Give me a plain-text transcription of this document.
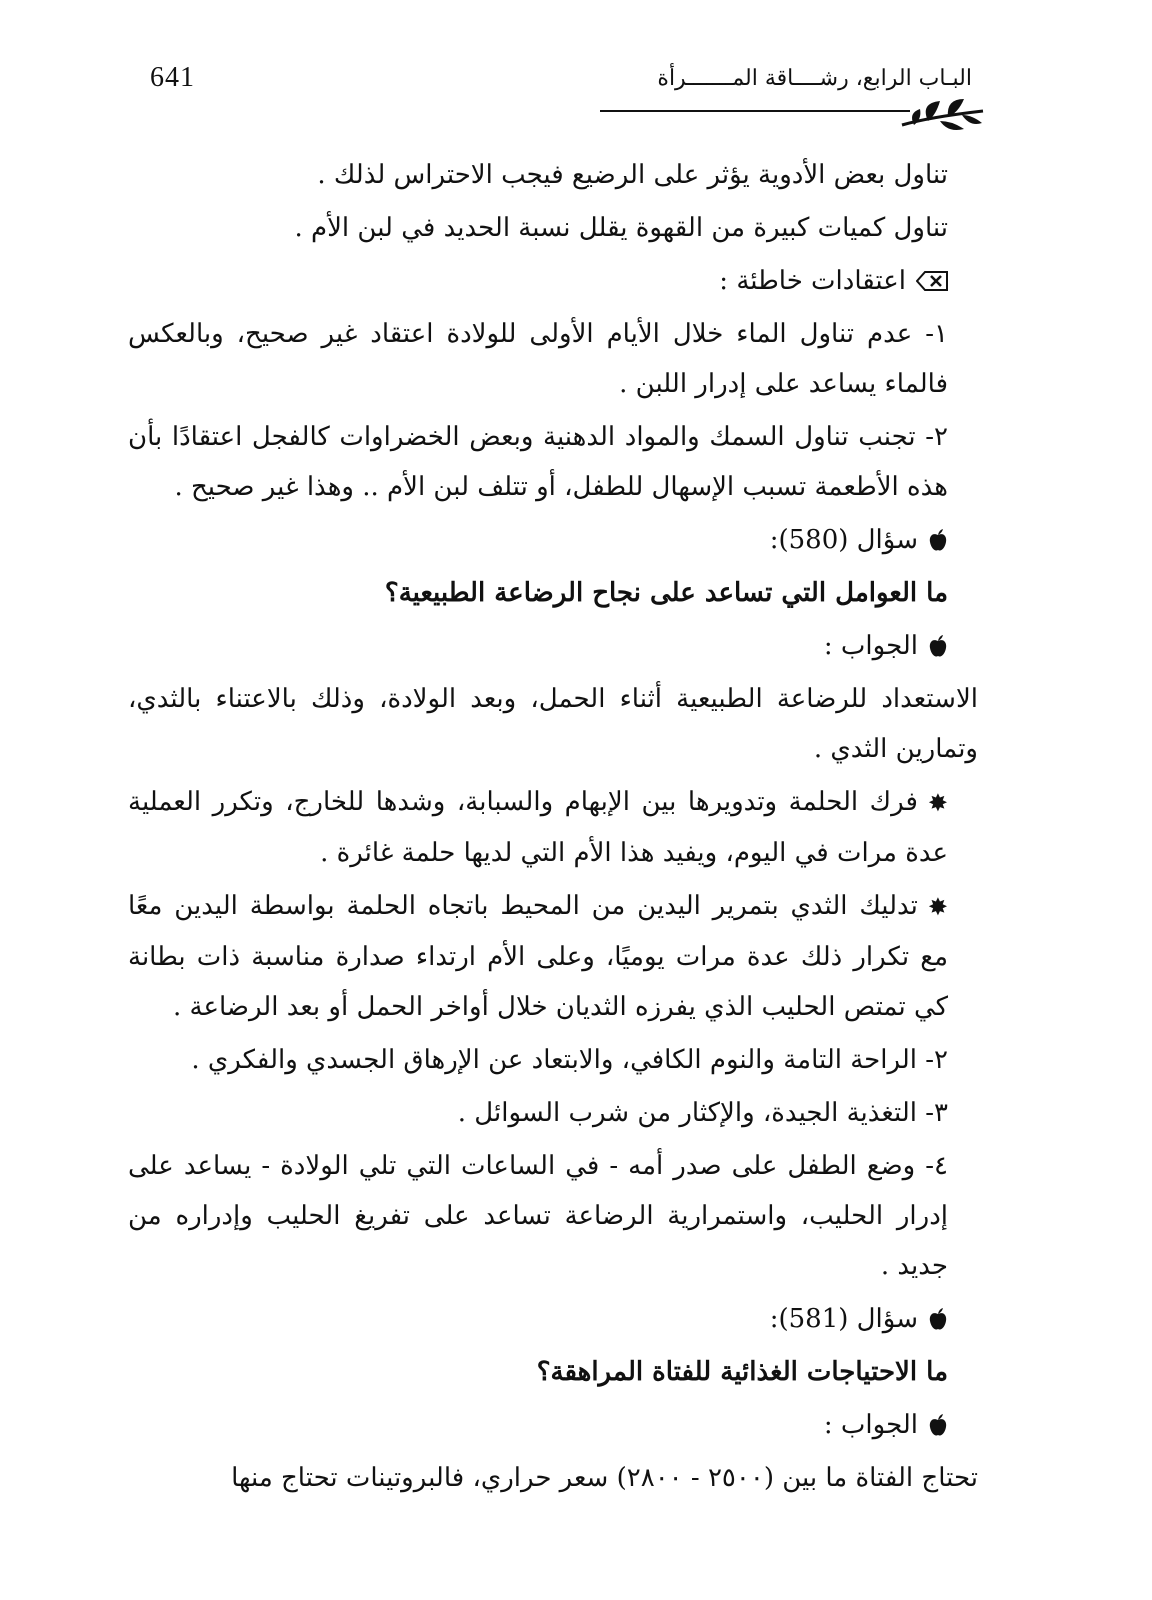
641	البـاب الرابع، رشــــاقة المـــــــرأة

تناول بعض الأدوية يؤثر على الرضيع فيجب الاحتراس لذلك .

تناول كميات كبيرة من القهوة يقلل نسبة الحديد في لبن الأم .

اعتقادات خاطئة :

١- عدم تناول الماء خلال الأيام الأولى للولادة اعتقاد غير صحيح، وبالعكس فالماء يساعد على إدرار اللبن .

٢- تجنب تناول السمك والمواد الدهنية وبعض الخضراوات كالفجل اعتقادًا بأن هذه الأطعمة تسبب الإسهال للطفل، أو تتلف لبن الأم .. وهذا غير صحيح .

سؤال (580):

ما العوامل التي تساعد على نجاح الرضاعة الطبيعية؟

الجواب :

الاستعداد للرضاعة الطبيعية أثناء الحمل، وبعد الولادة، وذلك بالاعتناء بالثدي، وتمارين الثدي .

✸فرك الحلمة وتدويرها بين الإبهام والسبابة، وشدها للخارج، وتكرر العملية عدة مرات في اليوم، ويفيد هذا الأم التي لديها حلمة غائرة .

✸تدليك الثدي بتمرير اليدين من المحيط باتجاه الحلمة بواسطة اليدين معًا مع تكرار ذلك عدة مرات يوميًا، وعلى الأم ارتداء صدارة مناسبة ذات بطانة كي تمتص الحليب الذي يفرزه الثديان خلال أواخر الحمل أو بعد الرضاعة .

٢- الراحة التامة والنوم الكافي، والابتعاد عن الإرهاق الجسدي والفكري .

٣- التغذية الجيدة، والإكثار من شرب السوائل .

٤- وضع الطفل على صدر أمه - في الساعات التي تلي الولادة - يساعد على إدرار الحليب، واستمرارية الرضاعة تساعد على تفريغ الحليب وإدراره من جديد .

سؤال (581):

ما الاحتياجات الغذائية للفتاة المراهقة؟

الجواب :

تحتاج الفتاة ما بين (٢٥٠٠ - ٢٨٠٠) سعر حراري، فالبروتينات تحتاج منها
